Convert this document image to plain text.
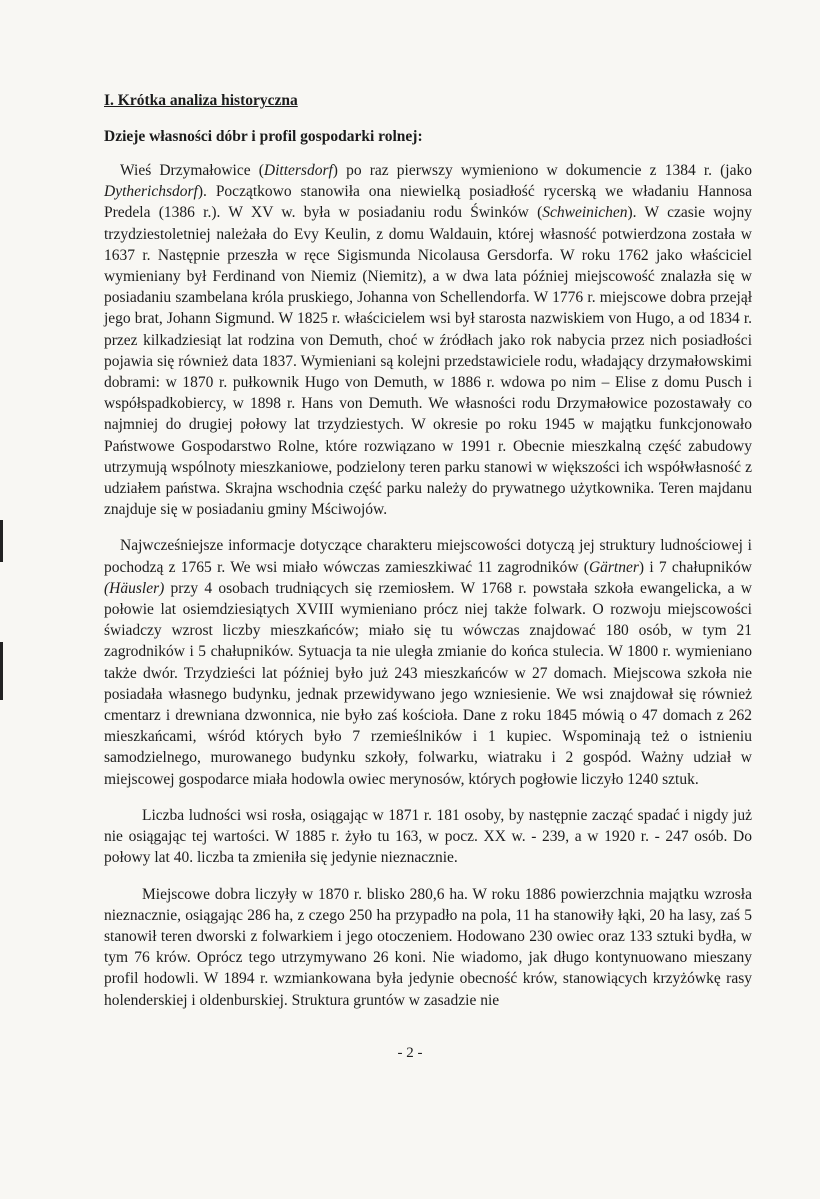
I. Krótka analiza historyczna
Dzieje własności dóbr i profil gospodarki rolnej:

Wieś Drzymałowice (Dittersdorf) po raz pierwszy wymieniono w dokumencie z 1384 r. (jako Dytherichsdorf). Początkowo stanowiła ona niewielką posiadłość rycerską we władaniu Hannosa Predela (1386 r.). W XV w. była w posiadaniu rodu Świnków (Schweinichen). W czasie wojny trzydziestoletniej należała do Evy Keulin, z domu Waldauin, której własność potwierdzona została w 1637 r. Następnie przeszła w ręce Sigismunda Nicolausa Gersdorfa. W roku 1762 jako właściciel wymieniany był Ferdinand von Niemiz (Niemitz), a w dwa lata później miejscowość znalazła się w posiadaniu szambelana króla pruskiego, Johanna von Schellendorfa. W 1776 r. miejscowe dobra przejął jego brat, Johann Sigmund. W 1825 r. właścicielem wsi był starosta nazwiskiem von Hugo, a od 1834 r. przez kilkadziesiąt lat rodzina von Demuth, choć w źródłach jako rok nabycia przez nich posiadłości pojawia się również data 1837. Wymieniani są kolejni przedstawiciele rodu, władający drzymałowskimi dobrami: w 1870 r. pułkownik Hugo von Demuth, w 1886 r. wdowa po nim – Elise z domu Pusch i współspadkobiercy, w 1898 r. Hans von Demuth. We własności rodu Drzymałowice pozostawały co najmniej do drugiej połowy lat trzydziestych. W okresie po roku 1945 w majątku funkcjonowało Państwowe Gospodarstwo Rolne, które rozwiązano w 1991 r. Obecnie mieszkalną część zabudowy utrzymują wspólnoty mieszkaniowe, podzielony teren parku stanowi w większości ich współwłasność z udziałem państwa. Skrajna wschodnia część parku należy do prywatnego użytkownika. Teren majdanu znajduje się w posiadaniu gminy Mściwojów.

Najwcześniejsze informacje dotyczące charakteru miejscowości dotyczą jej struktury ludnościowej i pochodzą z 1765 r. We wsi miało wówczas zamieszkiwać 11 zagrodników (Gärtner) i 7 chałupników (Häusler) przy 4 osobach trudniących się rzemiosłem. W 1768 r. powstała szkoła ewangelicka, a w połowie lat osiemdziesiątych XVIII wymieniano prócz niej także folwark. O rozwoju miejscowości świadczy wzrost liczby mieszkańców; miało się tu wówczas znajdować 180 osób, w tym 21 zagrodników i 5 chałupników. Sytuacja ta nie uległa zmianie do końca stulecia. W 1800 r. wymieniano także dwór. Trzydzieści lat później było już 243 mieszkańców w 27 domach. Miejscowa szkoła nie posiadała własnego budynku, jednak przewidywano jego wzniesienie. We wsi znajdował się również cmentarz i drewniana dzwonnica, nie było zaś kościoła. Dane z roku 1845 mówią o 47 domach z 262 mieszkańcami, wśród których było 7 rzemieślników i 1 kupiec. Wspominają też o istnieniu samodzielnego, murowanego budynku szkoły, folwarku, wiatraku i 2 gospód. Ważny udział w miejscowej gospodarce miała hodowla owiec merynosów, których pogłowie liczyło 1240 sztuk.

Liczba ludności wsi rosła, osiągając w 1871 r. 181 osoby, by następnie zacząć spadać i nigdy już nie osiągając tej wartości. W 1885 r. żyło tu 163, w pocz. XX w. - 239, a w 1920 r. - 247 osób. Do połowy lat 40. liczba ta zmieniła się jedynie nieznacznie.

Miejscowe dobra liczyły w 1870 r. blisko 280,6 ha. W roku 1886 powierzchnia majątku wzrosła nieznacznie, osiągając 286 ha, z czego 250 ha przypadło na pola, 11 ha stanowiły łąki, 20 ha lasy, zaś 5 stanowił teren dworski z folwarkiem i jego otoczeniem. Hodowano 230 owiec oraz 133 sztuki bydła, w tym 76 krów. Oprócz tego utrzymywano 26 koni. Nie wiadomo, jak długo kontynuowano mieszany profil hodowli. W 1894 r. wzmiankowana była jedynie obecność krów, stanowiących krzyżówkę rasy holenderskiej i oldenburskiej. Struktura gruntów w zasadzie nie

- 2 -
